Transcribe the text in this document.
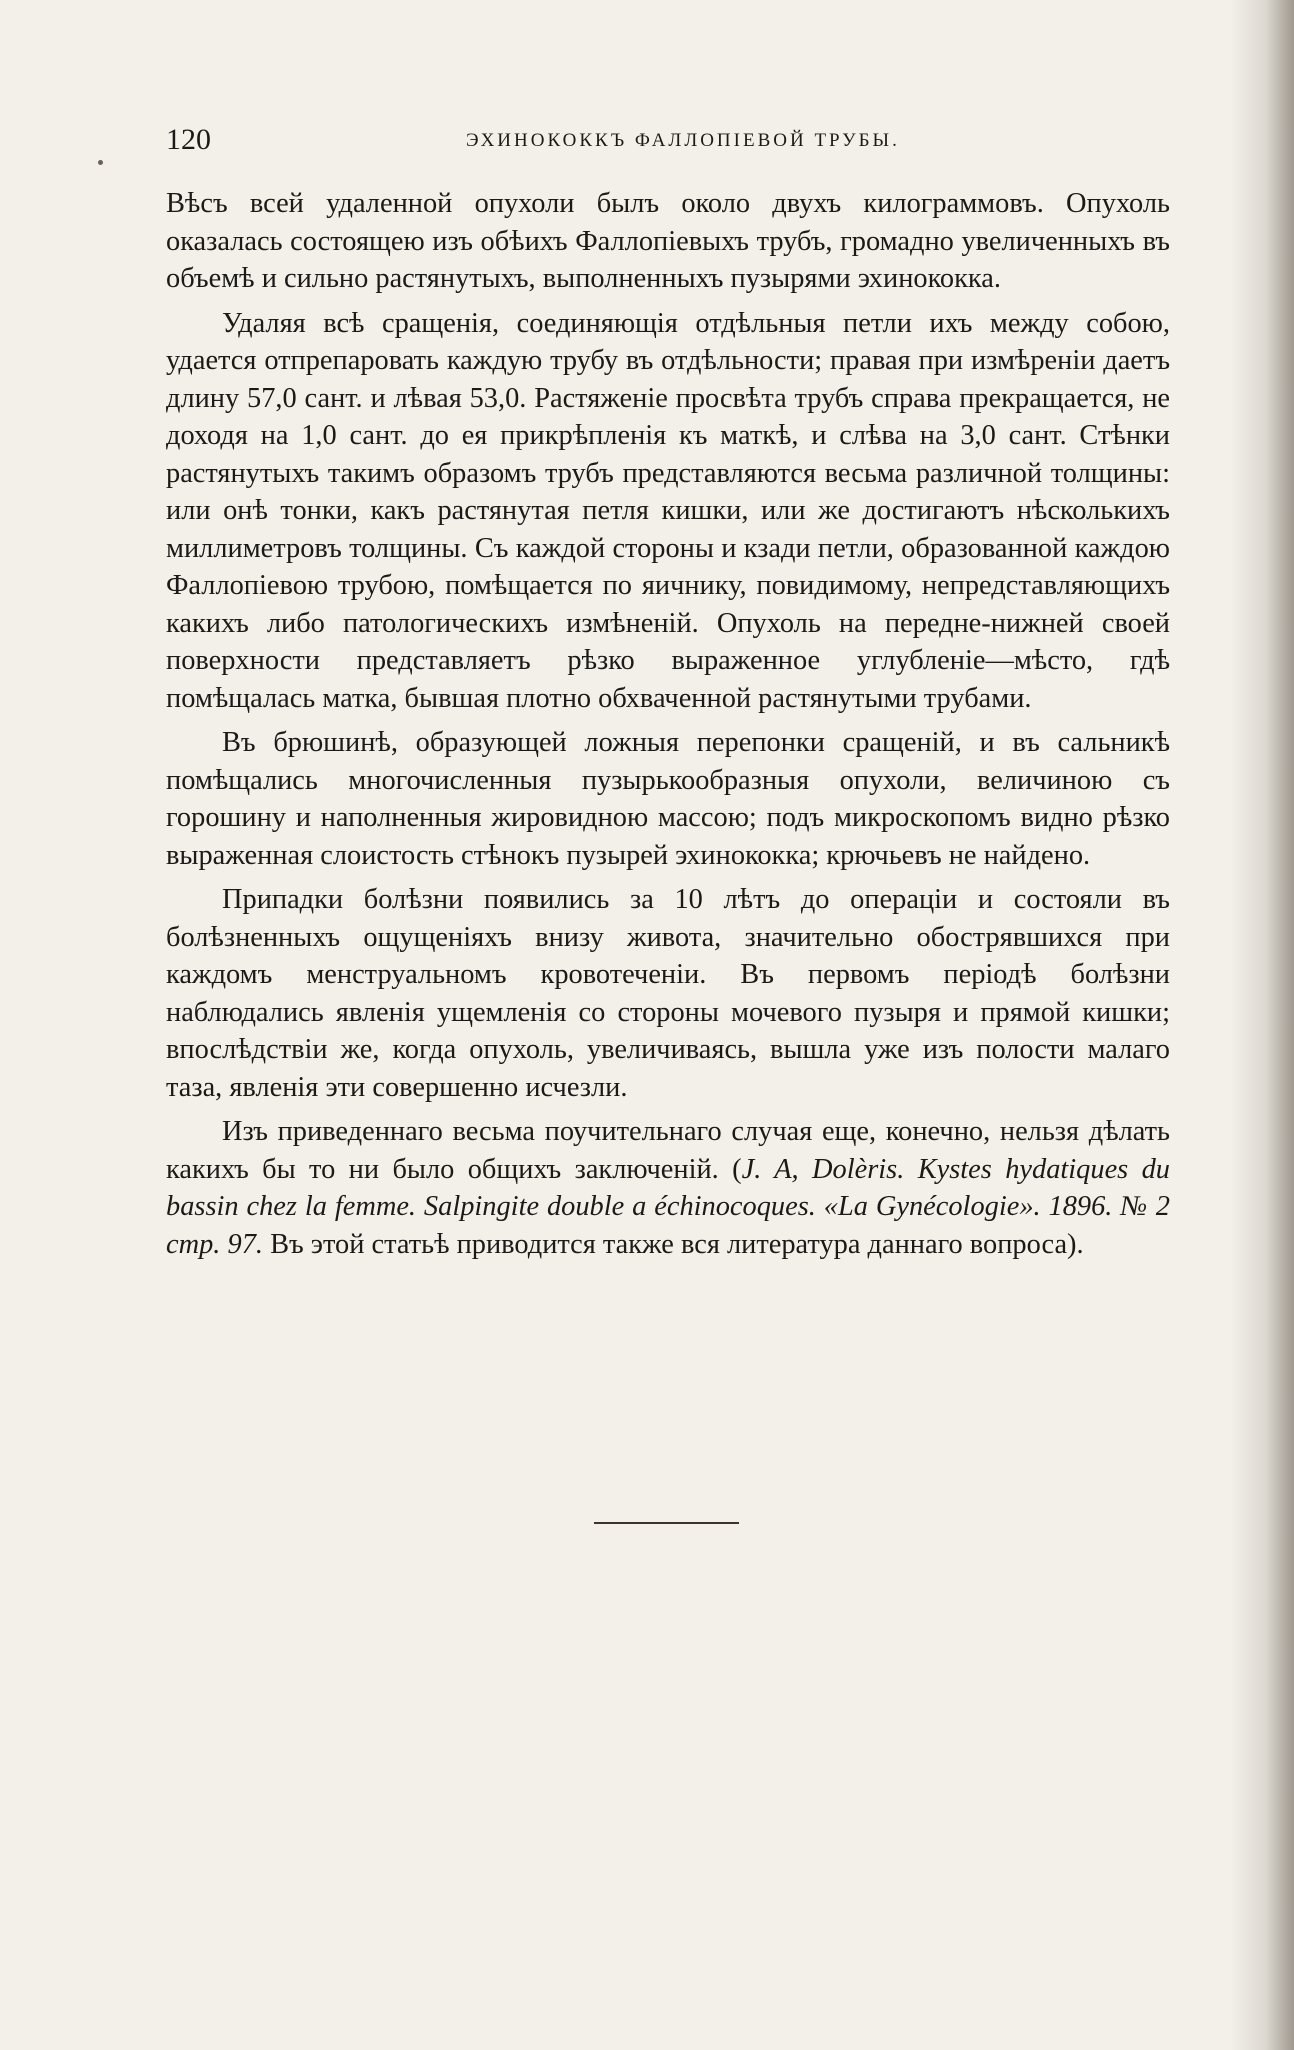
120	ЭХИНОКОККЪ ФАЛЛОПІЕВОЙ ТРУБЫ.

Вѣсъ всей удаленной опухоли былъ около двухъ килограммовъ. Опухоль оказалась состоящею изъ обѣихъ Фаллопіевыхъ трубъ, громадно увеличенныхъ въ объемѣ и сильно растянутыхъ, выполненныхъ пузырями эхинококка.

Удаляя всѣ сращенія, соединяющія отдѣльныя петли ихъ между собою, удается отпрепаровать каждую трубу въ отдѣльности; правая при измѣреніи даетъ длину 57,0 сант. и лѣвая 53,0. Растяженіе просвѣта трубъ справа прекращается, не доходя на 1,0 сант. до ея прикрѣпленія къ маткѣ, и слѣва на 3,0 сант. Стѣнки растянутыхъ такимъ образомъ трубъ представляются весьма различной толщины: или онѣ тонки, какъ растянутая петля кишки, или же достигаютъ нѣсколькихъ миллиметровъ толщины. Съ каждой стороны и кзади петли, образованной каждою Фаллопіевою трубою, помѣщается по яичнику, повидимому, непредставляющихъ какихъ либо патологическихъ измѣненій. Опухоль на передне-нижней своей поверхности представляетъ рѣзко выраженное углубленіе—мѣсто, гдѣ помѣщалась матка, бывшая плотно обхваченной растянутыми трубами.

Въ брюшинѣ, образующей ложныя перепонки сращеній, и въ сальникѣ помѣщались многочисленныя пузырькообразныя опухоли, величиною съ горошину и наполненныя жировидною массою; подъ микроскопомъ видно рѣзко выраженная слоистость стѣнокъ пузырей эхинококка; крючьевъ не найдено.

Припадки болѣзни появились за 10 лѣтъ до операціи и состояли въ болѣзненныхъ ощущеніяхъ внизу живота, значительно обострявшихся при каждомъ менструальномъ кровотеченіи. Въ первомъ періодѣ болѣзни наблюдались явленія ущемленія со стороны мочевого пузыря и прямой кишки; впослѣдствіи же, когда опухоль, увеличиваясь, вышла уже изъ полости малаго таза, явленія эти совершенно исчезли.

Изъ приведеннаго весьма поучительнаго случая еще, конечно, нельзя дѣлать какихъ бы то ни было общихъ заключеній. (J. A, Dolèris. Kystes hydatiques du bassin chez la femme. Salpingite double a échinocoques. «La Gynécologie». 1896. № 2 стр. 97. Въ этой статьѣ приводится также вся литература даннаго вопроса).
